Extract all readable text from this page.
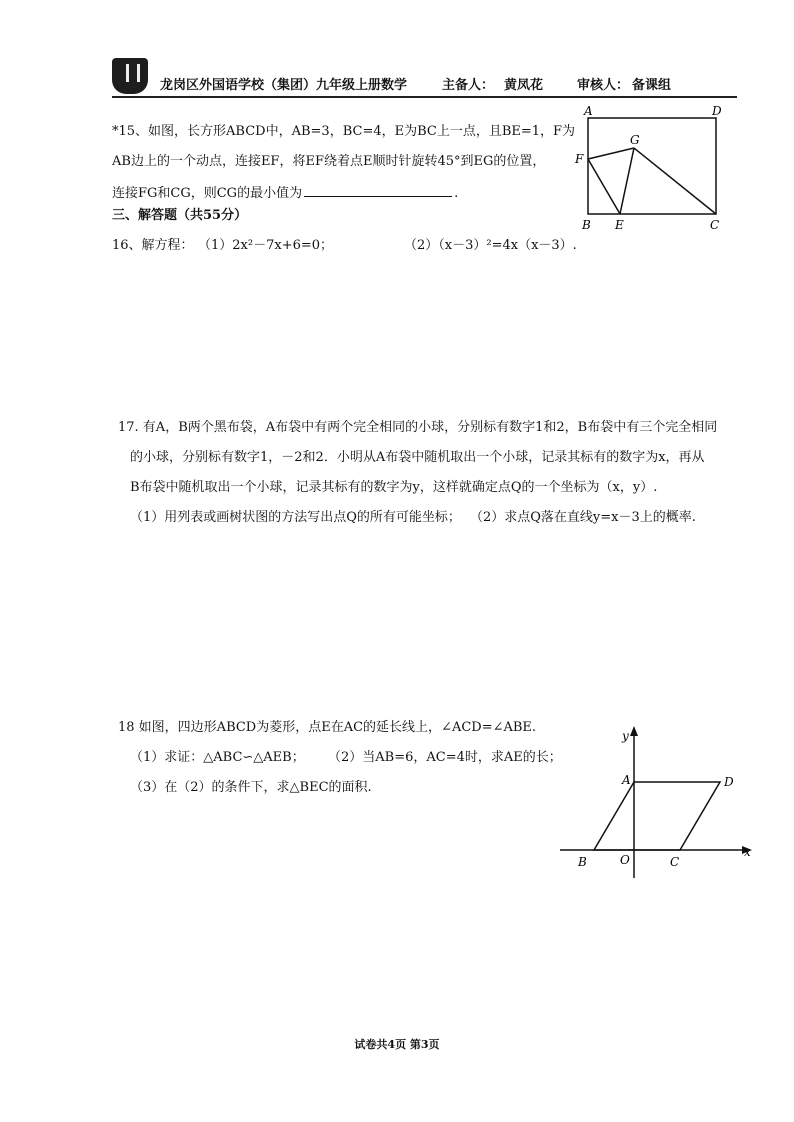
龙岗区外国语学校（集团）九年级上册数学	主备人： 黄凤花	审核人： 备课组
*15、如图，长方形ABCD中，AB=3，BC=4，E为BC上一点，且BE=1，F为
AB边上的一个动点，连接EF，将EF绕着点E顺时针旋转45°到EG的位置，
连接FG和CG，则CG的最小值为	.
A	D
G
F
B E	C
三、解答题（共55分）
16、解方程： （1）2x²－7x+6=0；	（2）（x－3）²=4x（x－3）.
17. 有A，B两个黑布袋，A布袋中有两个完全相同的小球，分别标有数字1和2，B布袋中有三个完全相同
的小球，分别标有数字1，－2和2．小明从A布袋中随机取出一个小球，记录其标有的数字为x，再从
B布袋中随机取出一个小球，记录其标有的数字为y，这样就确定点Q的一个坐标为（x，y）.
（1）用列表或画树状图的方法写出点Q的所有可能坐标； （2）求点Q落在直线y=x－3上的概率.
18 如图，四边形ABCD为菱形，点E在AC的延长线上，∠ACD=∠ABE.
（1）求证：△ABC∽△AEB； （2）当AB=6，AC=4时，求AE的长；
（3）在（2）的条件下，求△BEC的面积.
y
x
A	D
B	O	C
试卷共4页 第3页
